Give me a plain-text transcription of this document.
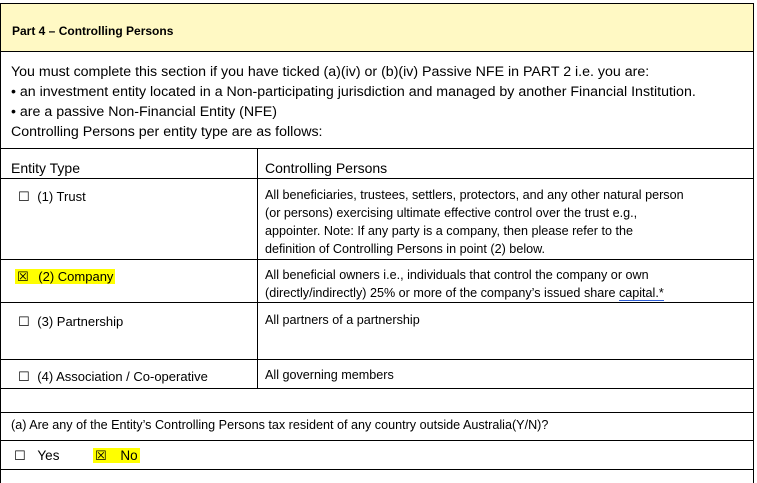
Part 4 – Controlling Persons
You must complete this section if you have ticked (a)(iv) or (b)(iv) Passive NFE in PART 2 i.e. you are:
• an investment entity located in a Non-participating jurisdiction and managed by another Financial Institution.
• are a passive Non-Financial Entity (NFE)
Controlling Persons per entity type are as follows:
Entity Type	Controlling Persons
☐ (1) Trust	All beneficiaries, trustees, settlers, protectors, and any other natural person
(or persons) exercising ultimate effective control over the trust e.g.,
appointer. Note: If any party is a company, then please refer to the
definition of Controlling Persons in point (2) below.
☒ (2) Company	All beneficial owners i.e., individuals that control the company or own
(directly/indirectly) 25% or more of the company’s issued share capital.*
☐ (3) Partnership	All partners of a partnership
☐ (4) Association / Co-operative	All governing members
(a) Are any of the Entity’s Controlling Persons tax resident of any country outside Australia(Y/N)?
☐ Yes	☒ No
